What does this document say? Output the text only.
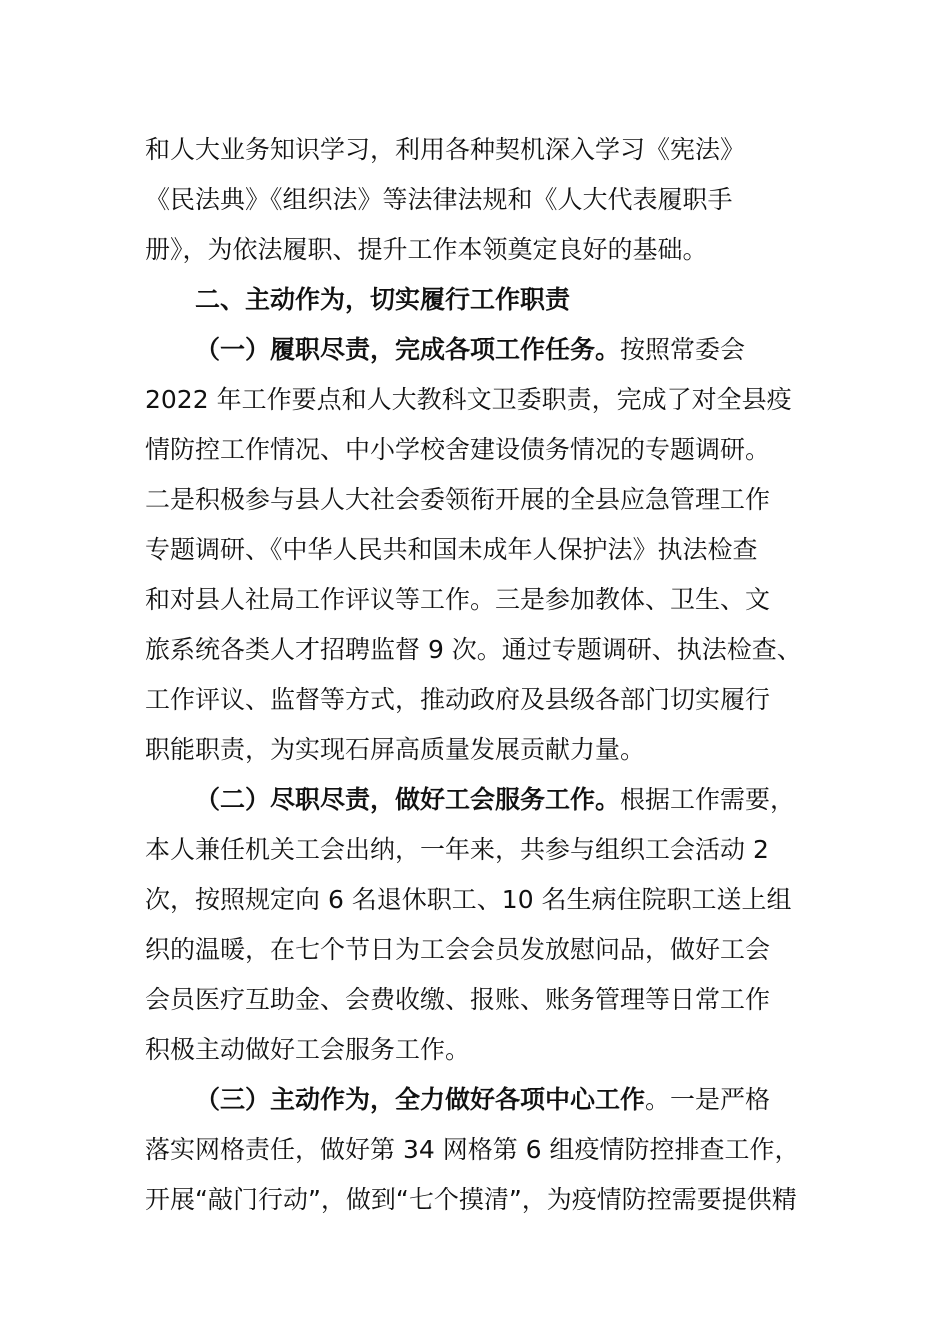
和人大业务知识学习，利用各种契机深入学习《宪法》
《民法典》《组织法》等法律法规和《人大代表履职手
册》，为依法履职、提升工作本领奠定良好的基础。
二、主动作为，切实履行工作职责
（一）履职尽责，完成各项工作任务。按照常委会
2022 年工作要点和人大教科文卫委职责，完成了对全县疫
情防控工作情况、中小学校舍建设债务情况的专题调研。
二是积极参与县人大社会委领衔开展的全县应急管理工作
专题调研、《中华人民共和国未成年人保护法》执法检查
和对县人社局工作评议等工作。三是参加教体、卫生、文
旅系统各类人才招聘监督 9 次。通过专题调研、执法检查、
工作评议、监督等方式，推动政府及县级各部门切实履行
职能职责，为实现石屏高质量发展贡献力量。
（二）尽职尽责，做好工会服务工作。根据工作需要，
本人兼任机关工会出纳，一年来，共参与组织工会活动 2
次，按照规定向 6 名退休职工、10 名生病住院职工送上组
织的温暖，在七个节日为工会会员发放慰问品，做好工会
会员医疗互助金、会费收缴、报账、账务管理等日常工作
积极主动做好工会服务工作。
（三）主动作为，全力做好各项中心工作。一是严格
落实网格责任，做好第 34 网格第 6 组疫情防控排查工作，
开展“敲门行动”，做到“七个摸清”，为疫情防控需要提供精
